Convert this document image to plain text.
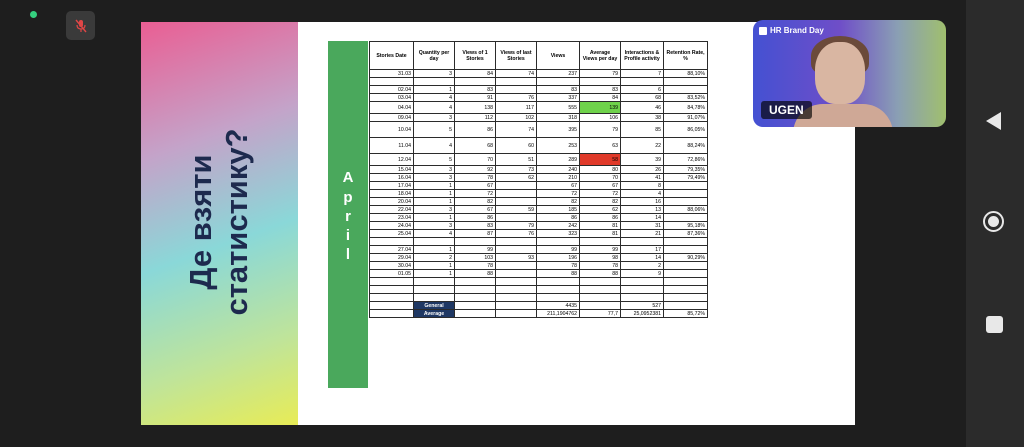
Де взяти статистику?	A
p
r
i
l
Stories Date	Quantity per day	Views of 1 Stories	Views of last Stories	Views	Average Views per day	Interactions & Profile activity	Retention Rate, %
31.03	3	84	74	237	79	7	88,10%

02.04	1	83		83	83	6	
03.04	4	91	76	337	84	68	83,52%
04.04	4	138	117	555	139	46	84,78%
09.04	3	112	102	318	106	38	91,07%
10.04	5	86	74	395	79	85	86,05%
11.04	4	68	60	253	63	22	88,24%
12.04	5	70	51	289	58	39	72,86%
15.04	3	92	73	240	80	26	79,35%
16.04	3	78	62	210	70	41	79,49%
17.04	1	67		67	67	8	
18.04	1	72		72	72	4	
20.04	1	82		82	82	16	
22.04	3	67	59	185	62	13	88,06%
23.04	1	86		86	86	14	
24.04	3	83	79	242	81	31	95,18%
25.04	4	87	76	323	81	21	87,36%

27.04	1	99		99	99	17	
29.04	2	103	93	196	98	14	90,29%
30.04	1	78		78	78	2	
01.05	1	88		88	88	9	

	General			4435		527	
	Average			211,1904762	77,7	25,0952381	85,72%
HR Brand Day
UGEN
